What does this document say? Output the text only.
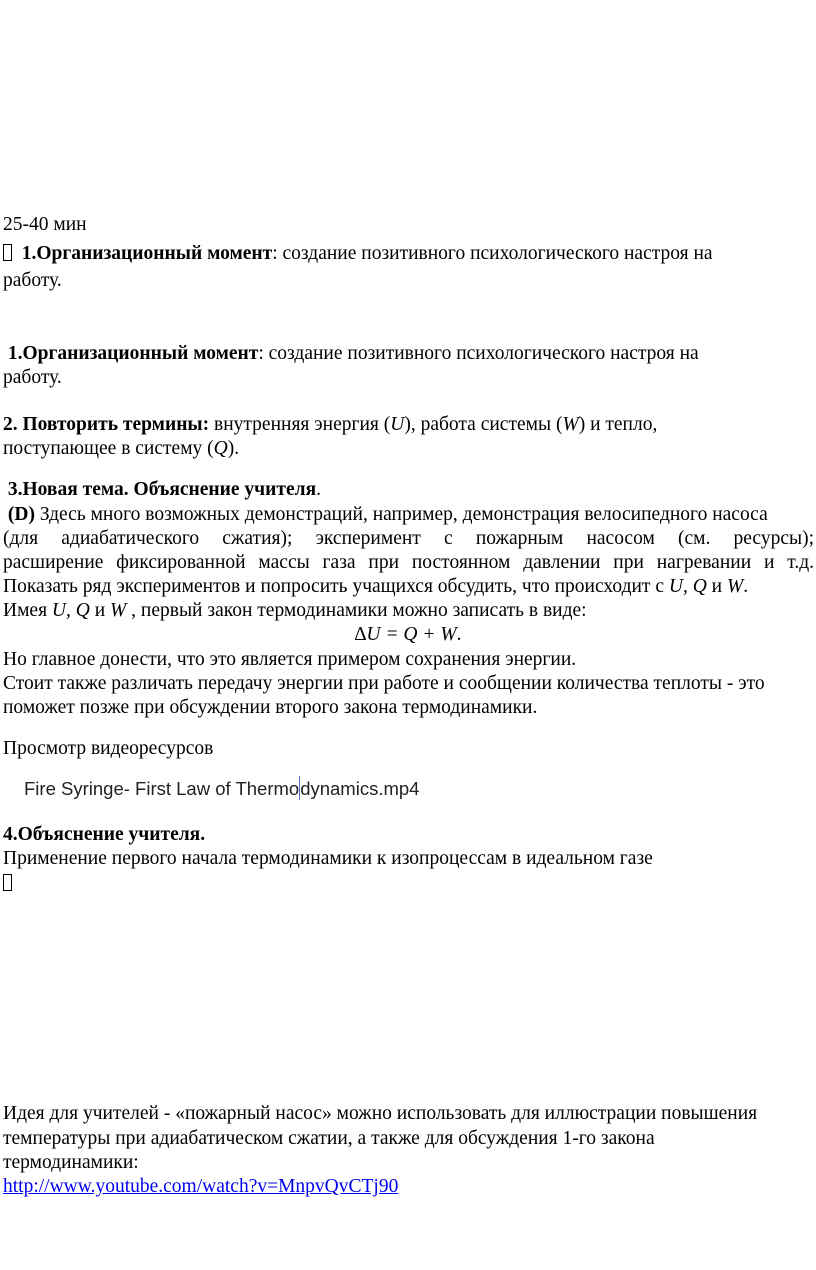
25-40 мин
1.Организационный момент: создание позитивного психологического настроя на
работу.
1.Организационный момент: создание позитивного психологического настроя на
работу.
2. Повторить термины: внутренняя энергия (U), работа системы (W) и тепло,
поступающее в систему (Q).
3.Новая тема. Объяснение учителя.
(D) Здесь много возможных демонстраций, например, демонстрация велосипедного насоса
(для адиабатического сжатия); эксперимент с пожарным насосом (см. ресурсы);
расширение фиксированной массы газа при постоянном давлении при нагревании и т.д.
Показать ряд экспериментов и попросить учащихся обсудить, что происходит с U, Q и W.
Имея U, Q и W , первый закон термодинамики можно записать в виде:
∆U = Q + W.
Но главное донести, что это является примером сохранения энергии.
Стоит также различать передачу энергии при работе и сообщении количества теплоты - это
поможет позже при обсуждении второго закона термодинамики.
Просмотр видеоресурсов
Fire Syringe- First Law of Thermodynamics.mp4
4.Объяснение учителя.
Применение первого начала термодинамики к изопроцессам в идеальном газе
Идея для учителей - «пожарный насос» можно использовать для иллюстрации повышения
температуры при адиабатическом сжатии, а также для обсуждения 1-го закона
термодинамики:
http://www.youtube.com/watch?v=MnpvQvCTj90
